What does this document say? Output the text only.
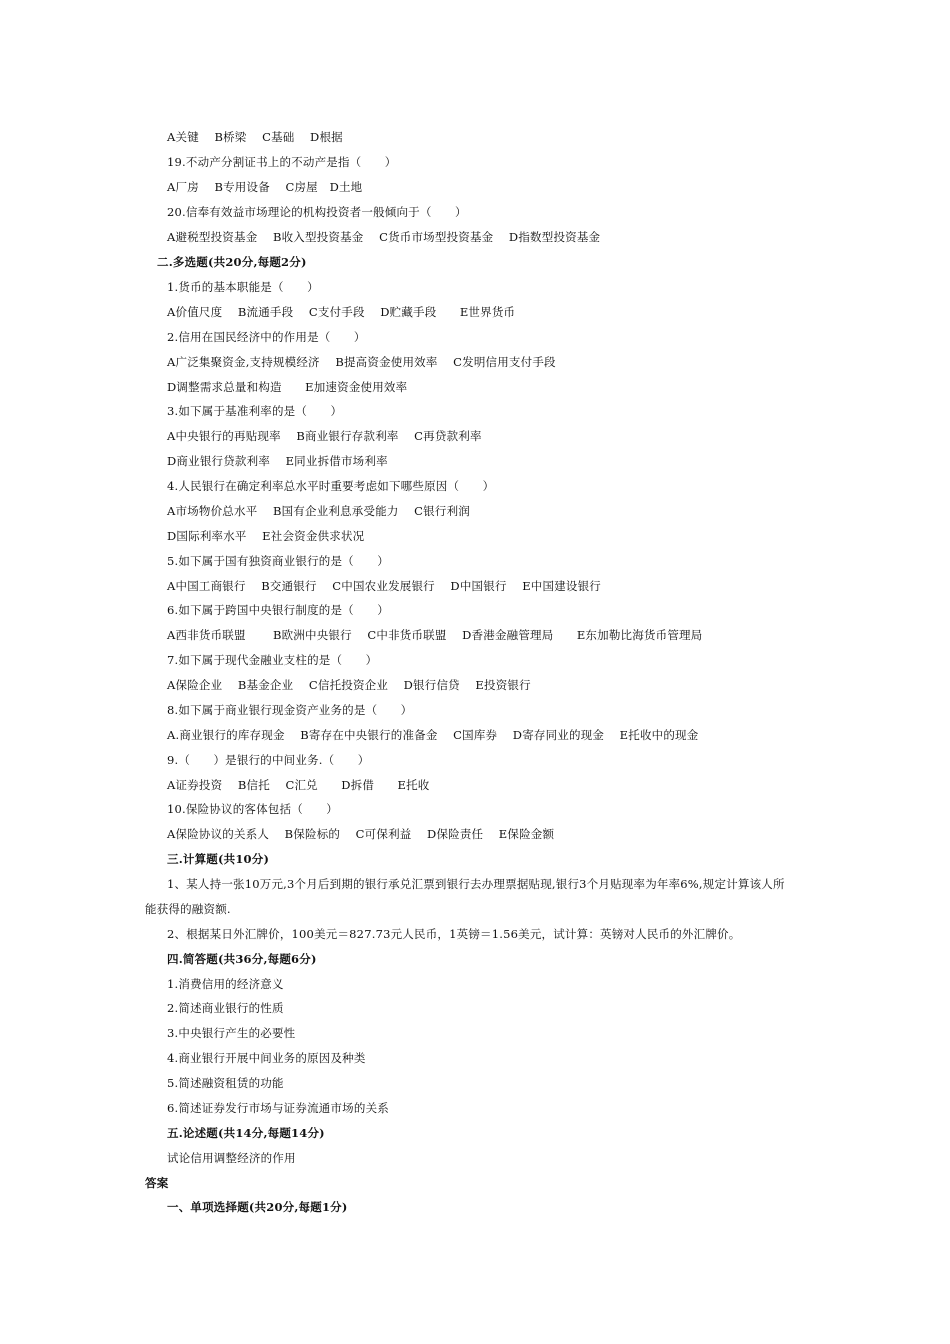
A关键　 B桥梁　 C基础　 D根据
19.不动产分割证书上的不动产是指（　　）
A厂房　 B专用设备　 C房屋　D土地
20.信奉有效益市场理论的机构投资者一般倾向于（　　）
A避税型投资基金　 B收入型投资基金　 C货币市场型投资基金　 D指数型投资基金
二.多选题(共20分,每题2分)
1.货币的基本职能是（　　）
A价值尺度　 B流通手段　 C支付手段　 D贮藏手段　　E世界货币
2.信用在国民经济中的作用是（　　）
A广泛集聚资金,支持规模经济　 B提高资金使用效率　 C发明信用支付手段
D调整需求总量和构造　　E加速资金使用效率
3.如下属于基准利率的是（　　）
A中央银行的再贴现率　 B商业银行存款利率　 C再贷款利率
D商业银行贷款利率　 E同业拆借市场利率
4.人民银行在确定利率总水平时重要考虑如下哪些原因（　　）
A市场物价总水平　 B国有企业利息承受能力　 C银行利润
D国际利率水平　 E社会资金供求状况
5.如下属于国有独资商业银行的是（　　）
A中国工商银行　 B交通银行　 C中国农业发展银行　 D中国银行　 E中国建设银行
6.如下属于跨国中央银行制度的是（　　）
A西非货币联盟　　 B欧洲中央银行　 C中非货币联盟　 D香港金融管理局　　E东加勒比海货币管理局
7.如下属于现代金融业支柱的是（　　）
A保险企业　 B基金企业　 C信托投资企业　 D银行信贷　 E投资银行
8.如下属于商业银行现金资产业务的是（　　）
A.商业银行的库存现金　 B寄存在中央银行的准备金　 C国库券　 D寄存同业的现金　 E托收中的现金
9.（　　）是银行的中间业务.（　　）
A证券投资　 B信托　 C汇兑　　D拆借　　E托收
10.保险协议的客体包括（　　）
A保险协议的关系人　 B保险标的　 C可保利益　 D保险责任　 E保险金额
三.计算题(共10分)
1、某人持一张10万元,3个月后到期的银行承兑汇票到银行去办理票据贴现,银行3个月贴现率为年率6%,规定计算该人所
能获得的融资额.
2、根据某日外汇牌价，100美元＝827.73元人民币，1英镑＝1.56美元，试计算：英镑对人民币的外汇牌价。
四.简答题(共36分,每题6分)
1.消费信用的经济意义
2.简述商业银行的性质
3.中央银行产生的必要性
4.商业银行开展中间业务的原因及种类
5.简述融资租赁的功能
6.简述证券发行市场与证券流通市场的关系
五.论述题(共14分,每题14分)
试论信用调整经济的作用
答案
一、单项选择题(共20分,每题1分)
